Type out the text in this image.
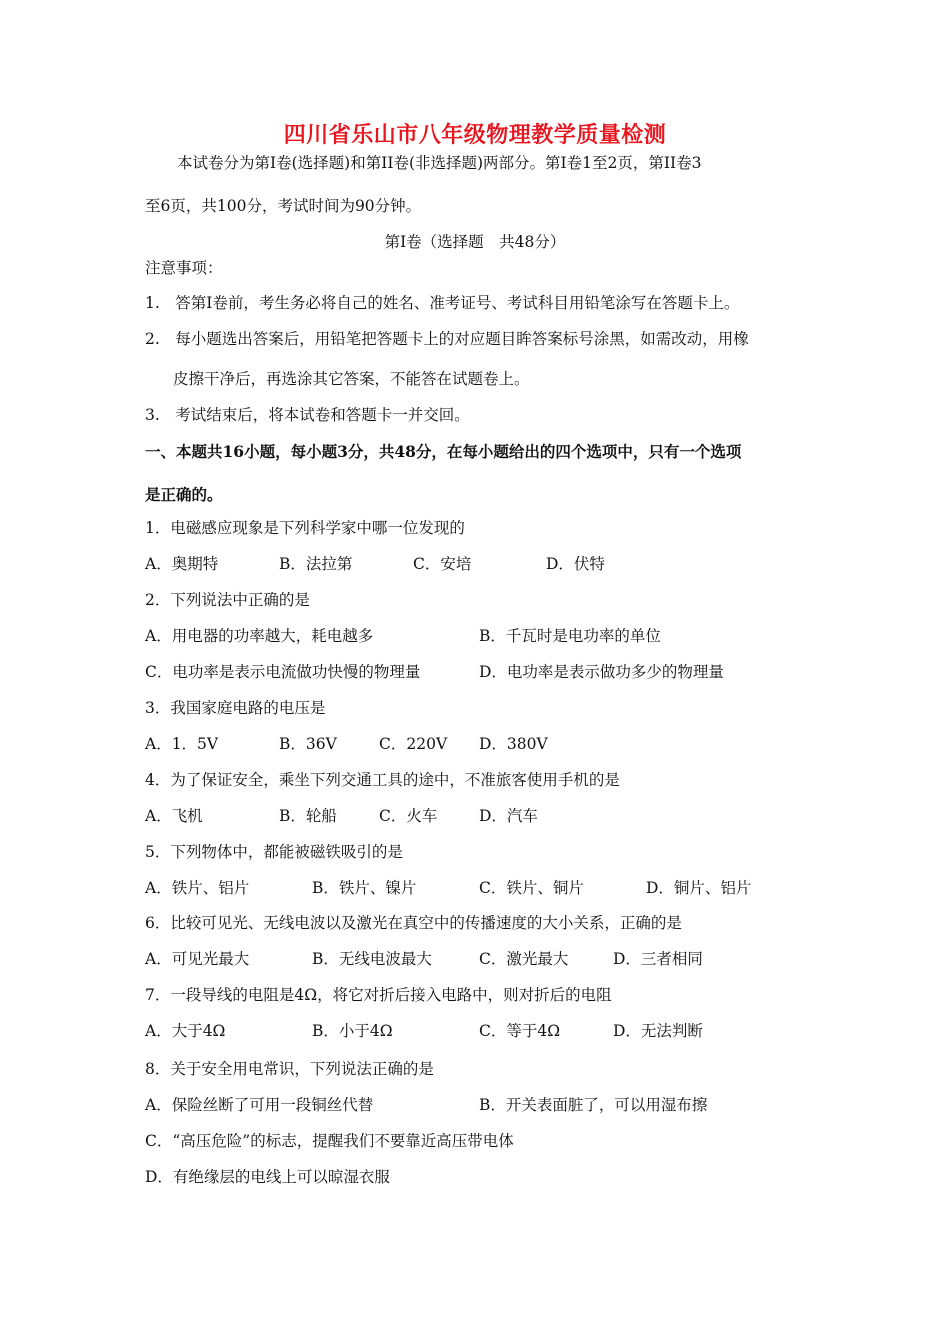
四川省乐山市八年级物理教学质量检测
本试卷分为第Ⅰ卷(选择题)和第II卷(非选择题)两部分。第Ⅰ卷1至2页，第II卷3
至6页，共100分，考试时间为90分钟。
第Ⅰ卷（选择题　共48分）
注意事项：
1.　答第Ⅰ卷前，考生务必将自己的姓名、准考证号、考试科目用铅笔涂写在答题卡上。
2.　每小题选出答案后，用铅笔把答题卡上的对应题目眸答案标号涂黑，如需改动，用橡
皮擦干净后，再选涂其它答案，不能答在试题卷上。
3.　考试结束后，将本试卷和答题卡一并交回。
一、本题共16小题，每小题3分，共48分，在每小题给出的四个选项中，只有一个选项
是正确的。
1．电磁感应现象是下列科学家中哪一位发现的
A．奥期特	B．法拉第	C．安培	D．伏特
2．下列说法中正确的是
A．用电器的功率越大，耗电越多	B．千瓦时是电功率的单位
C．电功率是表示电流做功快慢的物理量	D．电功率是表示做功多少的物理量
3．我国家庭电路的电压是
A．1．5V	B．36V	C．220V D．380V
4．为了保证安全，乘坐下列交通工具的途中，不准旅客使用手机的是
A．飞机	B．轮船	C．火车	D．汽车
5．下列物体中，都能被磁铁吸引的是
A．铁片、铝片	B．铁片、镍片	C．铁片、铜片	D．铜片、铝片
6．比较可见光、无线电波以及激光在真空中的传播速度的大小关系，正确的是
A．可见光最大	B．无线电波最大	C．激光最大	D．三者相同
7．一段导线的电阻是4Ω，将它对折后接入电路中，则对折后的电阻
A．大于4Ω	B．小于4Ω	C．等于4Ω	D．无法判断
8．关于安全用电常识，下列说法正确的是
A．保险丝断了可用一段铜丝代替	B．开关表面脏了，可以用湿布擦
C．“高压危险”的标志，提醒我们不要靠近高压带电体
D．有绝缘层的电线上可以晾湿衣服
